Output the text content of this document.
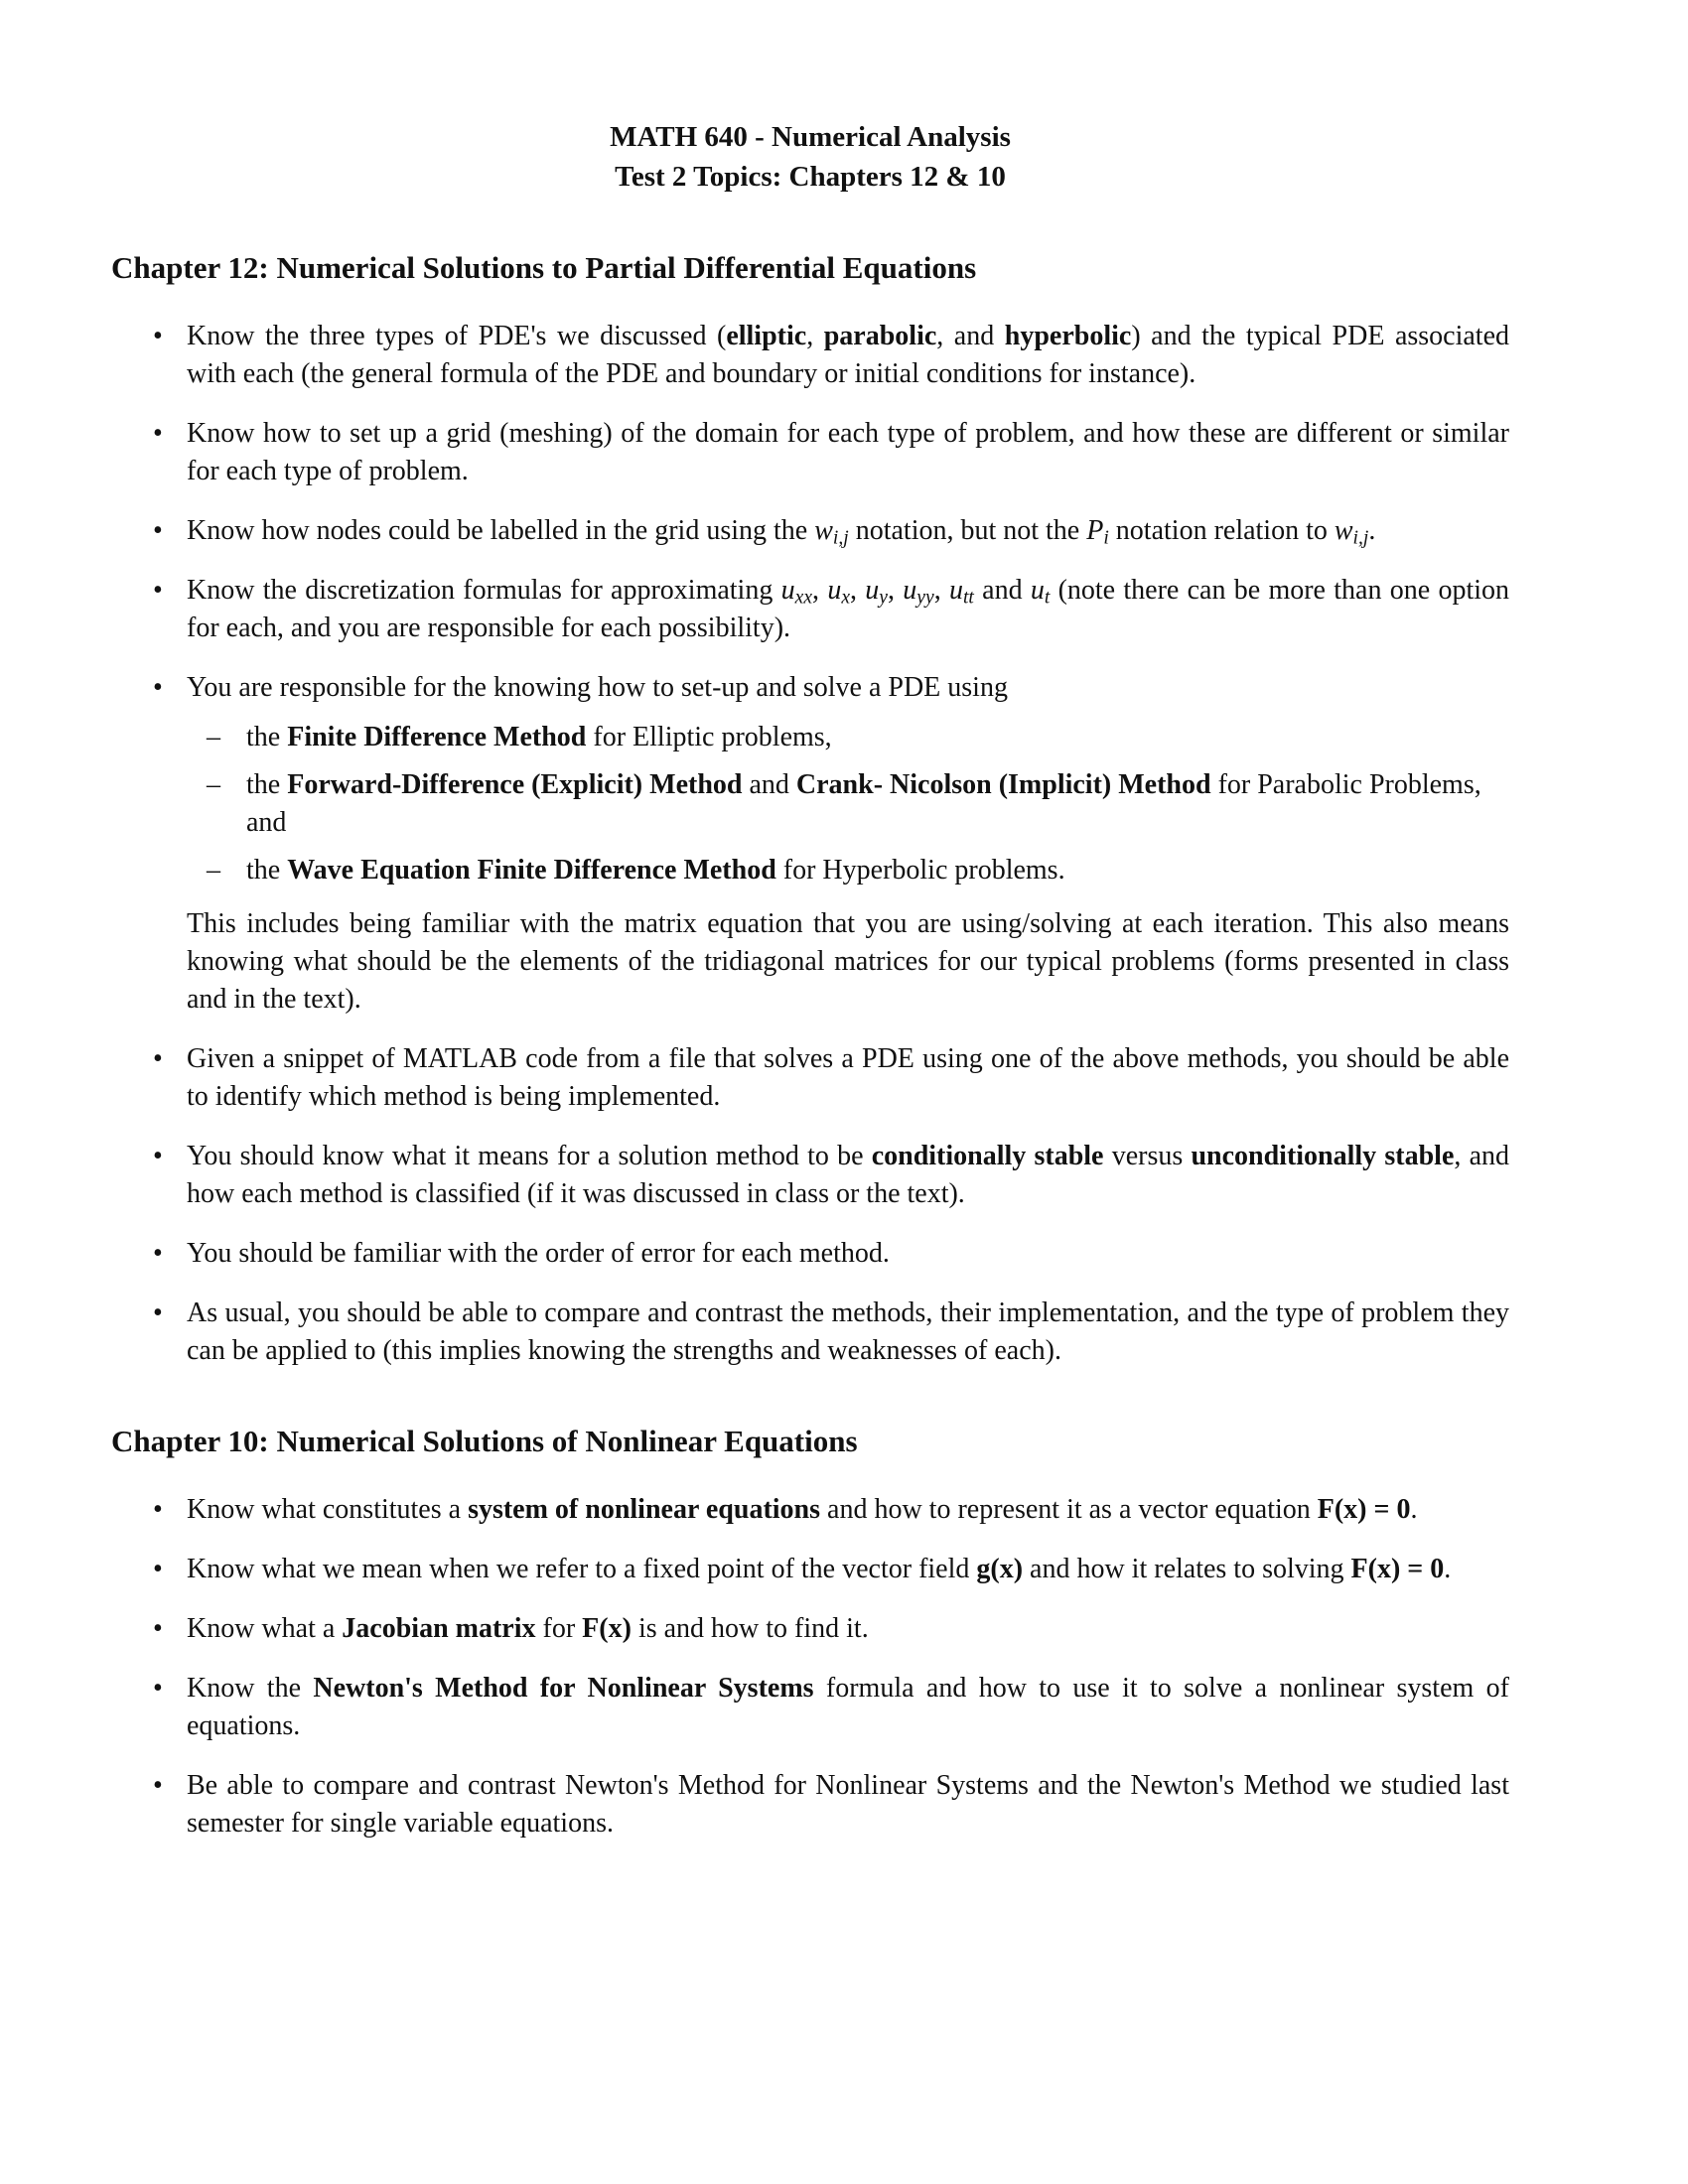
MATH 640 - Numerical Analysis
Test 2 Topics: Chapters 12 & 10
Chapter 12: Numerical Solutions to Partial Differential Equations
• Know the three types of PDE's we discussed (elliptic, parabolic, and hyperbolic) and the typical PDE associated with each (the general formula of the PDE and boundary or initial conditions for instance).
• Know how to set up a grid (meshing) of the domain for each type of problem, and how these are different or similar for each type of problem.
• Know how nodes could be labelled in the grid using the $w_{i,j}$ notation, but not the $P_i$ notation relation to $w_{i,j}$.
• Know the discretization formulas for approximating $u_{xx}$, $u_x$, $u_y$, $u_{yy}$, $u_{tt}$ and $u_t$ (note there can be more than one option for each, and you are responsible for each possibility).
• You are responsible for the knowing how to set-up and solve a PDE using
– the Finite Difference Method for Elliptic problems,
– the Forward-Difference (Explicit) Method and Crank- Nicolson (Implicit) Method for Parabolic Problems, and
– the Wave Equation Finite Difference Method for Hyperbolic problems.
This includes being familiar with the matrix equation that you are using/solving at each iteration. This also means knowing what should be the elements of the tridiagonal matrices for our typical problems (forms presented in class and in the text).
• Given a snippet of MATLAB code from a file that solves a PDE using one of the above methods, you should be able to identify which method is being implemented.
• You should know what it means for a solution method to be conditionally stable versus unconditionally stable, and how each method is classified (if it was discussed in class or the text).
• You should be familiar with the order of error for each method.
• As usual, you should be able to compare and contrast the methods, their implementation, and the type of problem they can be applied to (this implies knowing the strengths and weaknesses of each).
Chapter 10: Numerical Solutions of Nonlinear Equations
• Know what constitutes a system of nonlinear equations and how to represent it as a vector equation F(x) = 0.
• Know what we mean when we refer to a fixed point of the vector field g(x) and how it relates to solving F(x) = 0.
• Know what a Jacobian matrix for F(x) is and how to find it.
• Know the Newton's Method for Nonlinear Systems formula and how to use it to solve a nonlinear system of equations.
• Be able to compare and contrast Newton's Method for Nonlinear Systems and the Newton's Method we studied last semester for single variable equations.
